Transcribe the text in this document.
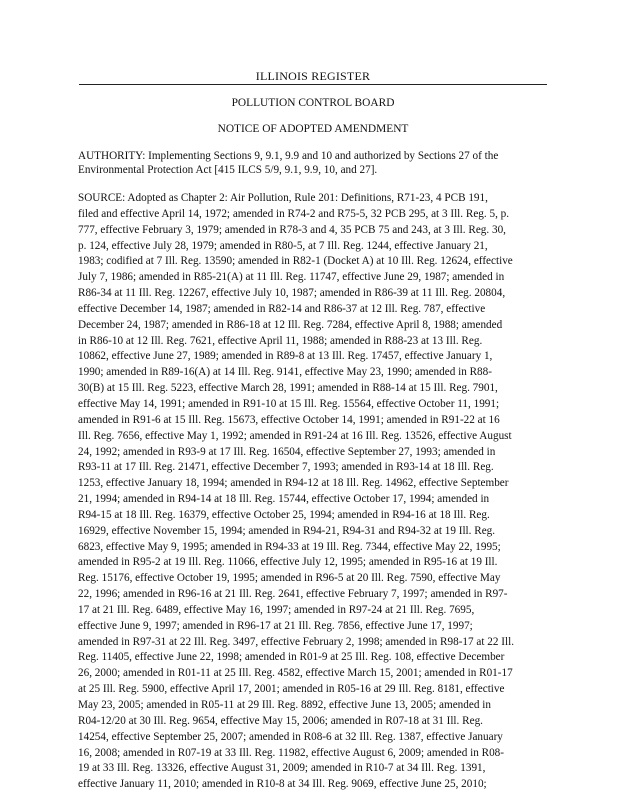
ILLINOIS REGISTER
POLLUTION CONTROL BOARD
NOTICE OF ADOPTED AMENDMENT
AUTHORITY: Implementing Sections 9, 9.1, 9.9 and 10 and authorized by Sections 27 of the
Environmental Protection Act [415 ILCS 5/9, 9.1, 9.9, 10, and 27].
SOURCE: Adopted as Chapter 2: Air Pollution, Rule 201: Definitions, R71-23, 4 PCB 191,
filed and effective April 14, 1972; amended in R74-2 and R75-5, 32 PCB 295, at 3 Ill. Reg. 5, p.
777, effective February 3, 1979; amended in R78-3 and 4, 35 PCB 75 and 243, at 3 Ill. Reg. 30,
p. 124, effective July 28, 1979; amended in R80-5, at 7 Ill. Reg. 1244, effective January 21,
1983; codified at 7 Ill. Reg. 13590; amended in R82-1 (Docket A) at 10 Ill. Reg. 12624, effective
July 7, 1986; amended in R85-21(A) at 11 Ill. Reg. 11747, effective June 29, 1987; amended in
R86-34 at 11 Ill. Reg. 12267, effective July 10, 1987; amended in R86-39 at 11 Ill. Reg. 20804,
effective December 14, 1987; amended in R82-14 and R86-37 at 12 Ill. Reg. 787, effective
December 24, 1987; amended in R86-18 at 12 Ill. Reg. 7284, effective April 8, 1988; amended
in R86-10 at 12 Ill. Reg. 7621, effective April 11, 1988; amended in R88-23 at 13 Ill. Reg.
10862, effective June 27, 1989; amended in R89-8 at 13 Ill. Reg. 17457, effective January 1,
1990; amended in R89-16(A) at 14 Ill. Reg. 9141, effective May 23, 1990; amended in R88-
30(B) at 15 Ill. Reg. 5223, effective March 28, 1991; amended in R88-14 at 15 Ill. Reg. 7901,
effective May 14, 1991; amended in R91-10 at 15 Ill. Reg. 15564, effective October 11, 1991;
amended in R91-6 at 15 Ill. Reg. 15673, effective October 14, 1991; amended in R91-22 at 16
Ill. Reg. 7656, effective May 1, 1992; amended in R91-24 at 16 Ill. Reg. 13526, effective August
24, 1992; amended in R93-9 at 17 Ill. Reg. 16504, effective September 27, 1993; amended in
R93-11 at 17 Ill. Reg. 21471, effective December 7, 1993; amended in R93-14 at 18 Ill. Reg.
1253, effective January 18, 1994; amended in R94-12 at 18 Ill. Reg. 14962, effective September
21, 1994; amended in R94-14 at 18 Ill. Reg. 15744, effective October 17, 1994; amended in
R94-15 at 18 Ill. Reg. 16379, effective October 25, 1994; amended in R94-16 at 18 Ill. Reg.
16929, effective November 15, 1994; amended in R94-21, R94-31 and R94-32 at 19 Ill. Reg.
6823, effective May 9, 1995; amended in R94-33 at 19 Ill. Reg. 7344, effective May 22, 1995;
amended in R95-2 at 19 Ill. Reg. 11066, effective July 12, 1995; amended in R95-16 at 19 Ill.
Reg. 15176, effective October 19, 1995; amended in R96-5 at 20 Ill. Reg. 7590, effective May
22, 1996; amended in R96-16 at 21 Ill. Reg. 2641, effective February 7, 1997; amended in R97-
17 at 21 Ill. Reg. 6489, effective May 16, 1997; amended in R97-24 at 21 Ill. Reg. 7695,
effective June 9, 1997; amended in R96-17 at 21 Ill. Reg. 7856, effective June 17, 1997;
amended in R97-31 at 22 Ill. Reg. 3497, effective February 2, 1998; amended in R98-17 at 22 Ill.
Reg. 11405, effective June 22, 1998; amended in R01-9 at 25 Ill. Reg. 108, effective December
26, 2000; amended in R01-11 at 25 Ill. Reg. 4582, effective March 15, 2001; amended in R01-17
at 25 Ill. Reg. 5900, effective April 17, 2001; amended in R05-16 at 29 Ill. Reg. 8181, effective
May 23, 2005; amended in R05-11 at 29 Ill. Reg. 8892, effective June 13, 2005; amended in
R04-12/20 at 30 Ill. Reg. 9654, effective May 15, 2006; amended in R07-18 at 31 Ill. Reg.
14254, effective September 25, 2007; amended in R08-6 at 32 Ill. Reg. 1387, effective January
16, 2008; amended in R07-19 at 33 Ill. Reg. 11982, effective August 6, 2009; amended in R08-
19 at 33 Ill. Reg. 13326, effective August 31, 2009; amended in R10-7 at 34 Ill. Reg. 1391,
effective January 11, 2010; amended in R10-8 at 34 Ill. Reg. 9069, effective June 25, 2010;
